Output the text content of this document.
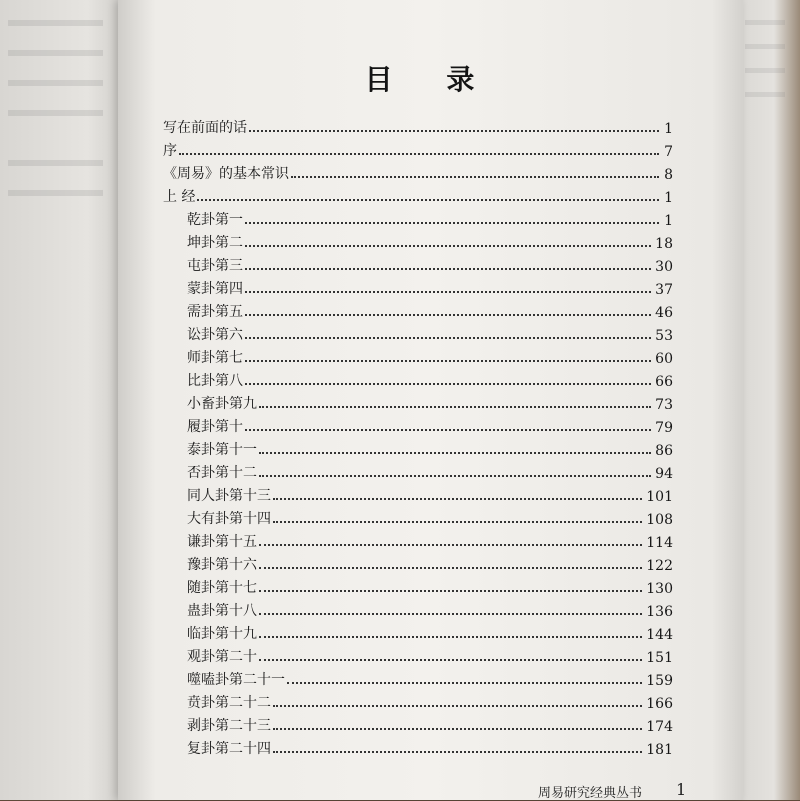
目 录
写在前面的话	1
序	7
《周易》的基本常识	8
上 经	1
乾卦第一	1
坤卦第二	18
屯卦第三	30
蒙卦第四	37
需卦第五	46
讼卦第六	53
师卦第七	60
比卦第八	66
小畜卦第九	73
履卦第十	79
泰卦第十一	86
否卦第十二	94
同人卦第十三	101
大有卦第十四	108
谦卦第十五	114
豫卦第十六	122
随卦第十七	130
蛊卦第十八	136
临卦第十九	144
观卦第二十	151
噬嗑卦第二十一	159
贲卦第二十二	166
剥卦第二十三	174
复卦第二十四	181
周易研究经典丛书 1
